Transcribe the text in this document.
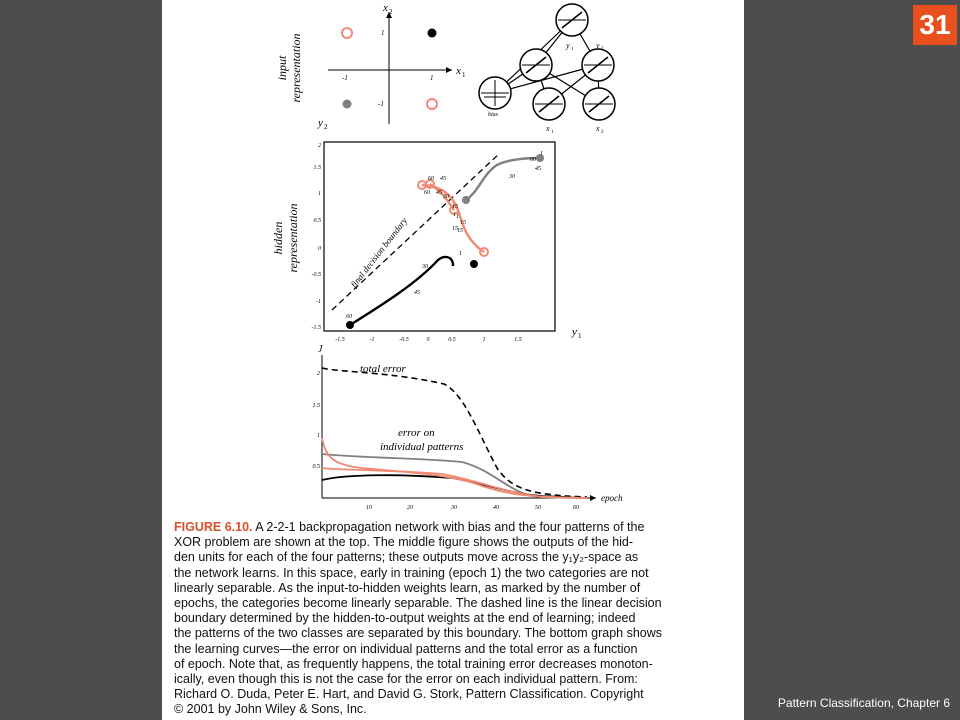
input representation	x 1
x 2
1
-1
1
-1
bias
x 1	x 2
y 1	y 2
hidden representation
y 2
y 1
-1.5	-1	-0.5	0	0.5	1	1.5
2
1.5
1
0.5
0
-0.5
-1
-1.5
final decision boundary
60 45
60 45
30
15
1
1
15
15
1
30
45
60
1
15
30
45
60
J
epoch
10	20	30	40	50	60
2
1.5
1
0.5
total error
error on
individual patterns

FIGURE 6.10. A 2-2-1 backpropagation network with bias and the four patterns of the
XOR problem are shown at the top. The middle figure shows the outputs of the hid-
den units for each of the four patterns; these outputs move across the y₁y₂-space as
the network learns. In this space, early in training (epoch 1) the two categories are not
linearly separable. As the input-to-hidden weights learn, as marked by the number of
epochs, the categories become linearly separable. The dashed line is the linear decision
boundary determined by the hidden-to-output weights at the end of learning; indeed
the patterns of the two classes are separated by this boundary. The bottom graph shows
the learning curves—the error on individual patterns and the total error as a function
of epoch. Note that, as frequently happens, the total training error decreases monoton-
ically, even though this is not the case for the error on each individual pattern. From:
Richard O. Duda, Peter E. Hart, and David G. Stork, Pattern Classification. Copyright
© 2001 by John Wiley & Sons, Inc.

31
Pattern Classification, Chapter 6
